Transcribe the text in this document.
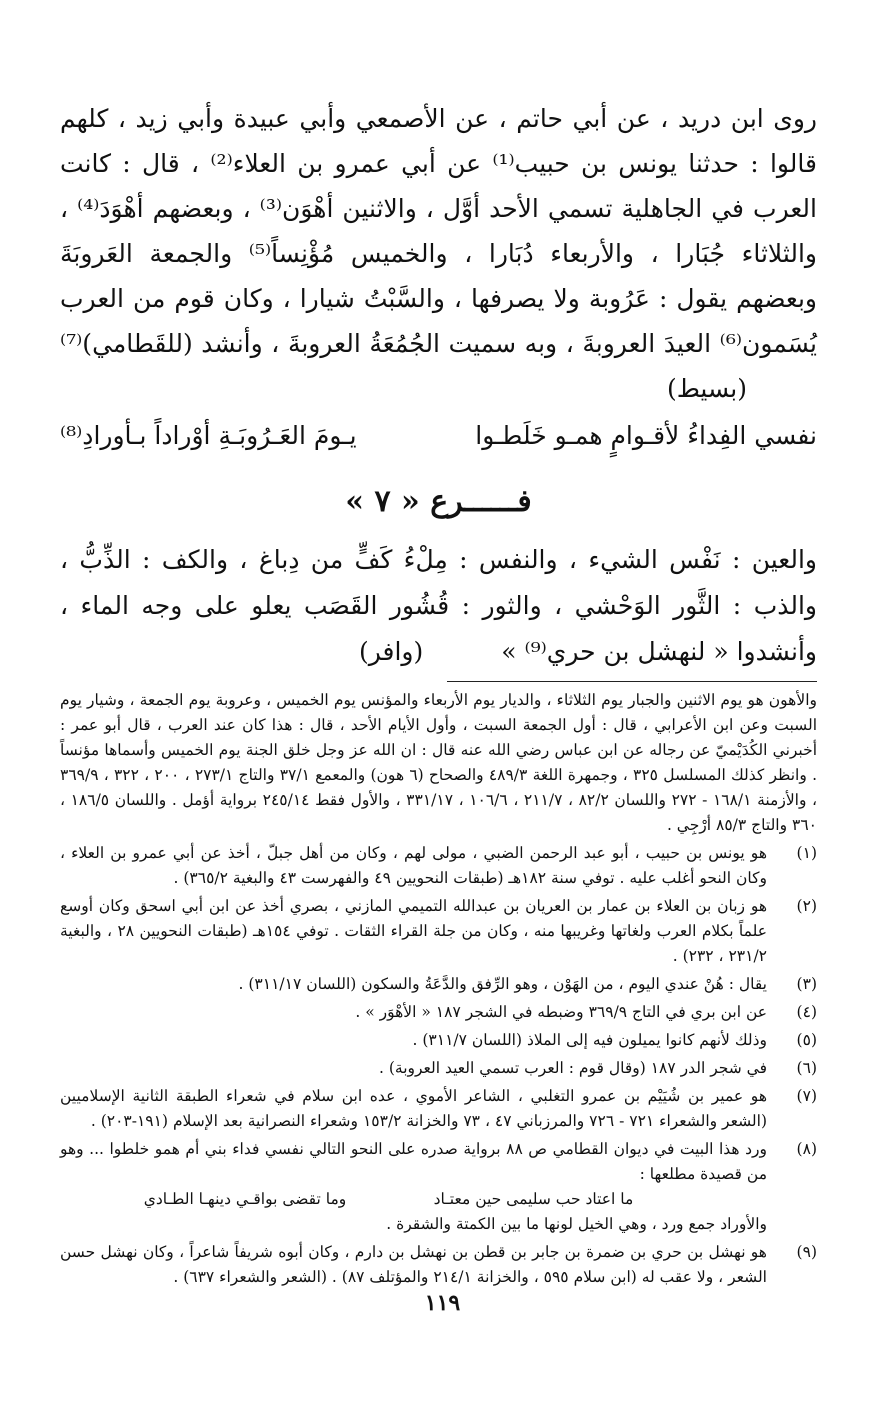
روى ابن دريد ، عن أبي حاتم ، عن الأصمعي وأبي عبيدة وأبي زيد ، كلهم قالوا : حدثنا يونس بن حبيب⁽¹⁾ عن أبي عمرو بن العلاء⁽²⁾ ، قال : كانت العرب في الجاهلية تسمي الأحد أوَّل ، والاثنين أهْوَن⁽³⁾ ، وبعضهم أهْوَدَ⁽⁴⁾ ، والثلاثاء جُبَارا ، والأربعاء دُبَارا ، والخميس مُؤْنِساً⁽⁵⁾ والجمعة العَروبَةَ وبعضهم يقول : عَرُوبة ولا يصرفها ، والسَّبْتُ شيارا ، وكان قوم من العرب يُسَمون⁽⁶⁾ العيدَ العروبةَ ، وبه سميت الجُمُعَةُ العروبةَ ، وأنشد (للقَطامي)⁽⁷⁾ (بسيط)

نفسي الفِداءُ لأقـوامٍ همـو خَلَطـوا
يـومَ العَـرُوبَـةِ أوْراداً بـأورادِ⁽⁸⁾
فــــــرع « ٧ »

والعين : نَفْس الشيء ، والنفس : مِلْءُ كَفٍّ من دِباغ ، والكف : الذِّبُّ ، والذب : الثَّور الوَحْشي ، والثور : قُشُور القَصَب يعلو على وجه الماء ، وأنشدوا « لنهشل بن حري⁽⁹⁾ » (وافر)

والأهون هو يوم الاثنين والجبار يوم الثلاثاء ، والديار يوم الأربعاء والمؤنس يوم الخميس ، وعروبة يوم الجمعة ، وشيار يوم السبت وعن ابن الأعرابي ، قال : أول الجمعة السبت ، وأول الأيام الأحد ، قال : هذا كان عند العرب ، قال أبو عمر : أخبرني الكُدَيْميّ عن رجاله عن ابن عباس رضي الله عنه قال : ان الله عز وجل خلق الجنة يوم الخميس وأسماها مؤنساً . وانظر كذلك المسلسل ٣٢٥ ، وجمهرة اللغة ٤٨٩/٣ والصحاح (٦ هون) والمعمع ٣٧/١ والتاج ٢٧٣/١ ، ٢٠٠ ، ٣٢٢ ، ٣٦٩/٩ ، والأزمنة ١٦٨/١ - ٢٧٢ واللسان ٨٢/٢ ، ٢١١/٧ ، ١٠٦/٦ ، ٣٣١/١٧ ، والأول فقط ٢٤٥/١٤ برواية أؤمل . واللسان ١٨٦/٥ ، ٣٦٠ والتاج ٨٥/٣ أرْجِي .

(١)
هو يونس بن حبيب ، أبو عبد الرحمن الضبي ، مولى لهم ، وكان من أهل جبلّ ، أخذ عن أبي عمرو بن العلاء ، وكان النحو أغلب عليه . توفي سنة ١٨٢هـ (طبقات النحويين ٤٩ والفهرست ٤٣ والبغية ٣٦٥/٢) .
(٢)
هو زبان بن العلاء بن عمار بن العريان بن عبدالله التميمي المازني ، بصري أخذ عن ابن أبي اسحق وكان أوسع علماً بكلام العرب ولغاتها وغريبها منه ، وكان من جلة القراء الثقات . توفي ١٥٤هـ (طبقات النحويين ٢٨ ، والبغية ٢٣١/٢ ، ٢٣٢) .
(٣)
يقال : هُنْ عندي اليوم ، من الهَوْن ، وهو الرِّفق والدَّعَةُ والسكون (اللسان ٣١١/١٧) .
(٤)
عن ابن بري في التاج ٣٦٩/٩ وضبطه في الشجر ١٨٧ « الأهْوَر » .
(٥)
وذلك لأنهم كانوا يميلون فيه إلى الملاذ (اللسان ٣١١/٧) .
(٦)
في شجر الدر ١٨٧ (وقال قوم : العرب تسمي العيد العروبة) .
(٧)
هو عمير بن شُيَيْم بن عمرو التغلبي ، الشاعر الأموي ، عده ابن سلام في شعراء الطبقة الثانية الإسلاميين (الشعر والشعراء ٧٢١ - ٧٢٦ والمرزباني ٤٧ ، ٧٣ والخزانة ١٥٣/٢ وشعراء النصرانية بعد الإسلام (١٩١-٢٠٣) .
(٨)
ورد هذا البيت في ديوان القطامي ص ٨٨ برواية صدره على النحو التالي نفسي فداء بني أم همو خلطوا ... وهو من قصيدة مطلعها :
ما اعتاد حب سليمى حين معتـاد
وما تقضى بواقـي دينهـا الطـادي
والأوراد جمع ورد ، وهي الخيل لونها ما بين الكمتة والشقرة .
(٩)
هو نهشل بن حري بن ضمرة بن جابر بن قطن بن نهشل بن دارم ، وكان أبوه شريفاً شاعراً ، وكان نهشل حسن الشعر ، ولا عقب له (ابن سلام ٥٩٥ ، والخزانة ٢١٤/١ والمؤتلف ٨٧) . (الشعر والشعراء ٦٣٧) .
١١٩
